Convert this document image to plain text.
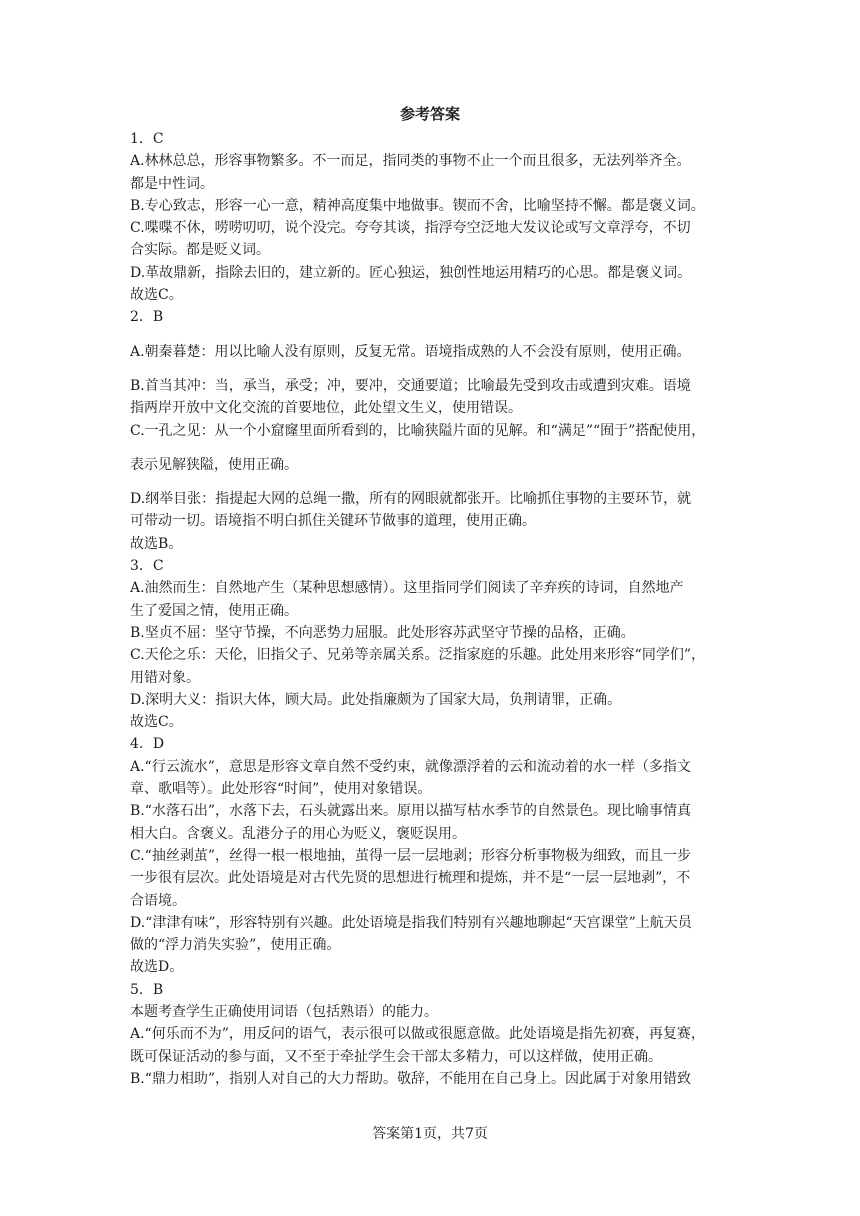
参考答案
1．C
A.林林总总，形容事物繁多。不一而足，指同类的事物不止一个而且很多，无法列举齐全。
都是中性词。
B.专心致志，形容一心一意，精神高度集中地做事。锲而不舍，比喻坚持不懈。都是褒义词。
C.喋喋不休，唠唠叨叨，说个没完。夸夸其谈，指浮夸空泛地大发议论或写文章浮夸，不切
合实际。都是贬义词。
D.革故鼎新，指除去旧的，建立新的。匠心独运，独创性地运用精巧的心思。都是褒义词。
故选C。
2．B
A.朝秦暮楚：用以比喻人没有原则，反复无常。语境指成熟的人不会没有原则，使用正确。
B.首当其冲：当，承当，承受；冲，要冲，交通要道；比喻最先受到攻击或遭到灾难。语境
指两岸开放中文化交流的首要地位，此处望文生义，使用错误。
C.一孔之见：从一个小窟窿里面所看到的，比喻狭隘片面的见解。和“满足”“囿于”搭配使用，
表示见解狭隘，使用正确。
D.纲举目张：指提起大网的总绳一撒，所有的网眼就都张开。比喻抓住事物的主要环节，就
可带动一切。语境指不明白抓住关键环节做事的道理，使用正确。
故选B。
3．C
A.油然而生：自然地产生（某种思想感情）。这里指同学们阅读了辛弃疾的诗词，自然地产
生了爱国之情，使用正确。
B.坚贞不屈：坚守节操，不向恶势力屈服。此处形容苏武坚守节操的品格，正确。
C.天伦之乐：天伦，旧指父子、兄弟等亲属关系。泛指家庭的乐趣。此处用来形容“同学们”，
用错对象。
D.深明大义：指识大体，顾大局。此处指廉颇为了国家大局，负荆请罪，正确。
故选C。
4．D
A.“行云流水”，意思是形容文章自然不受约束，就像漂浮着的云和流动着的水一样（多指文
章、歌唱等）。此处形容“时间”，使用对象错误。
B.“水落石出”，水落下去，石头就露出来。原用以描写枯水季节的自然景色。现比喻事情真
相大白。含褒义。乱港分子的用心为贬义，褒贬误用。
C.“抽丝剥茧”，丝得一根一根地抽，茧得一层一层地剥；形容分析事物极为细致，而且一步
一步很有层次。此处语境是对古代先贤的思想进行梳理和提炼，并不是“一层一层地剥”，不
合语境。
D.“津津有味”，形容特别有兴趣。此处语境是指我们特别有兴趣地聊起“天宫课堂”上航天员
做的“浮力消失实验”，使用正确。
故选D。
5．B
本题考查学生正确使用词语（包括熟语）的能力。
A.“何乐而不为”，用反问的语气，表示很可以做或很愿意做。此处语境是指先初赛，再复赛，
既可保证活动的参与面，又不至于牵扯学生会干部太多精力，可以这样做，使用正确。
B.“鼎力相助”，指别人对自己的大力帮助。敬辞，不能用在自己身上。因此属于对象用错致
答案第1页，共7页
